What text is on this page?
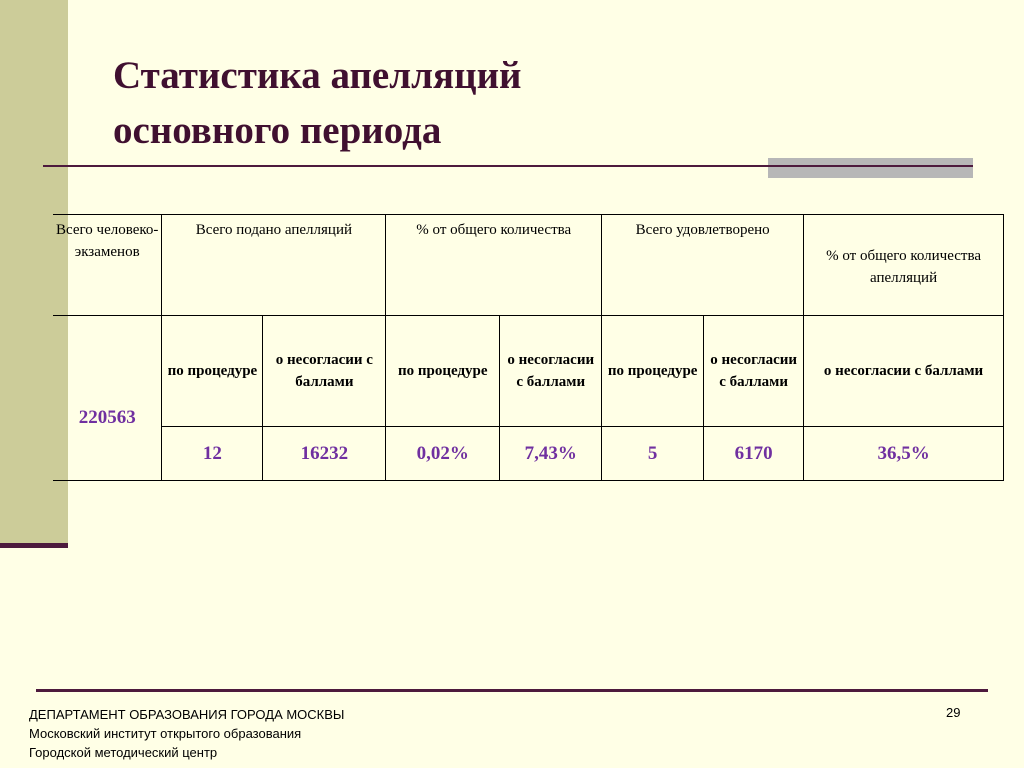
Статистика апелляций
основного периода
Всего человеко-экзаменов	Всего подано апелляций		% от общего количества		Всего удовлетворено		% от общего количества апелляций
220563	по процедуре	о несогласии с баллами	по процедуре	о несогласии с баллами	по процедуре	о несогласии с баллами	о несогласии с баллами
	12	16232	0,02%	7,43%	5	6170	36,5%
ДЕПАРТАМЕНТ ОБРАЗОВАНИЯ ГОРОДА МОСКВЫ
Московский институт открытого образования
Городской методический центр
29
